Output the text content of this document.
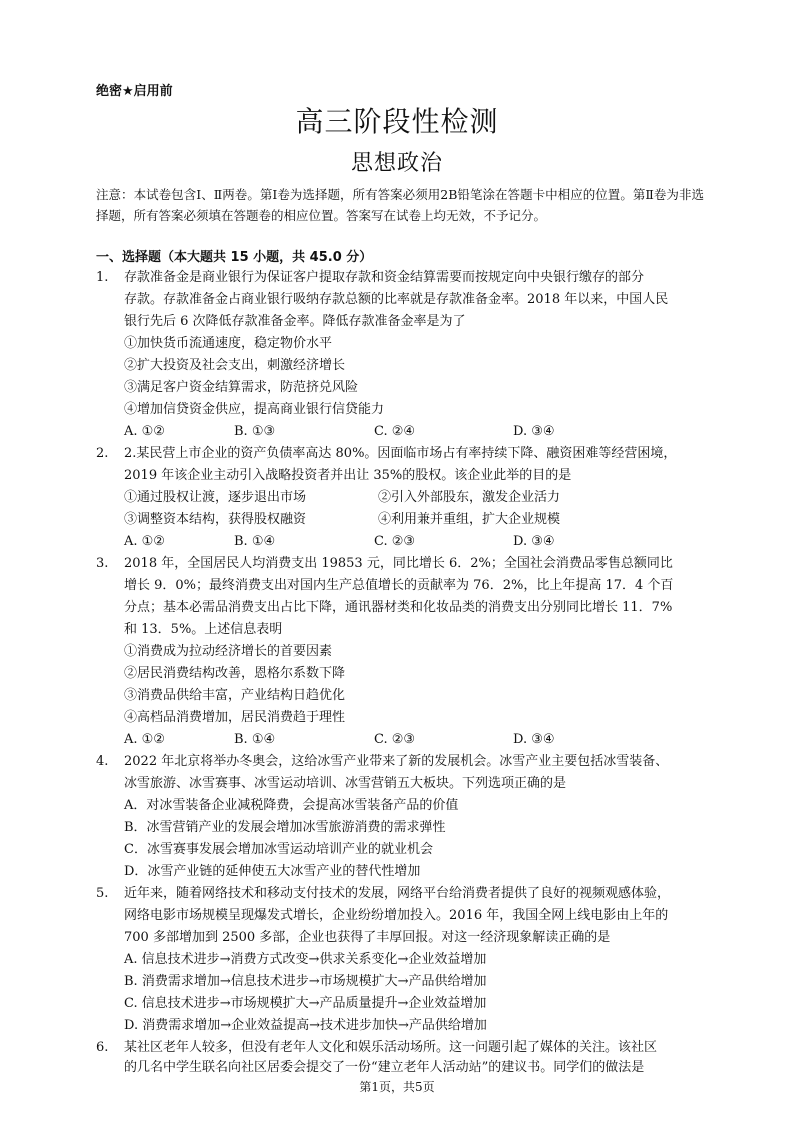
绝密★启用前
高三阶段性检测
思想政治
注意：本试卷包含Ⅰ、Ⅱ两卷。第Ⅰ卷为选择题，所有答案必须用2B铅笔涂在答题卡中相应的位置。第Ⅱ卷为非选择题，所有答案必须填在答题卷的相应位置。答案写在试卷上均无效，不予记分。
一、选择题（本大题共 15 小题，共 45.0 分）
1. 存款准备金是商业银行为保证客户提取存款和资金结算需要而按规定向中央银行缴存的部分
存款。存款准备金占商业银行吸纳存款总额的比率就是存款准备金率。2018 年以来，中国人民
银行先后 6 次降低存款准备金率。降低存款准备金率是为了
①加快货币流通速度，稳定物价水平
②扩大投资及社会支出，刺激经济增长
③满足客户资金结算需求，防范挤兑风险
④增加信贷资金供应，提高商业银行信贷能力
A. ①②	B. ①③	C. ②④	D. ③④
2. 2.某民营上市企业的资产负债率高达 80%。因面临市场占有率持续下降、融资困难等经营困境，
2019 年该企业主动引入战略投资者并出让 35%的股权。该企业此举的目的是
①通过股权让渡，逐步退出市场	②引入外部股东，激发企业活力
③调整资本结构，获得股权融资	④利用兼并重组，扩大企业规模
A. ①②	B. ①④	C. ②③	D. ③④
3. 2018 年，全国居民人均消费支出 19853 元，同比增长 6．2%；全国社会消费品零售总额同比
增长 9．0%；最终消费支出对国内生产总值增长的贡献率为 76．2%，比上年提高 17．4 个百
分点；基本必需品消费支出占比下降，通讯器材类和化妆品类的消费支出分别同比增长 11．7%
和 13．5%。上述信息表明
①消费成为拉动经济增长的首要因素
②居民消费结构改善，恩格尔系数下降
③消费品供给丰富，产业结构日趋优化
④高档品消费增加，居民消费趋于理性
A. ①②	B. ①④	C. ②③	D. ③④
4. 2022 年北京将举办冬奥会，这给冰雪产业带来了新的发展机会。冰雪产业主要包括冰雪装备、
冰雪旅游、冰雪赛事、冰雪运动培训、冰雪营销五大板块。下列选项正确的是
A．对冰雪装备企业减税降费，会提高冰雪装备产品的价值
B．冰雪营销产业的发展会增加冰雪旅游消费的需求弹性
C．冰雪赛事发展会增加冰雪运动培训产业的就业机会
D．冰雪产业链的延伸使五大冰雪产业的替代性增加
5. 近年来，随着网络技术和移动支付技术的发展，网络平台给消费者提供了良好的视频观感体验，
网络电影市场规模呈现爆发式增长，企业纷纷增加投入。2016 年，我国全网上线电影由上年的
700 多部增加到 2500 多部，企业也获得了丰厚回报。对这一经济现象解读正确的是
A. 信息技术进步→消费方式改变→供求关系变化→企业效益增加
B. 消费需求增加→信息技术进步→市场规模扩大→产品供给增加
C. 信息技术进步→市场规模扩大→产品质量提升→企业效益增加
D. 消费需求增加→企业效益提高→技术进步加快→产品供给增加
6. 某社区老年人较多，但没有老年人文化和娱乐活动场所。这一问题引起了媒体的关注。该社区
的几名中学生联名向社区居委会提交了一份“建立老年人活动站”的建议书。同学们的做法是
第1页，共5页
